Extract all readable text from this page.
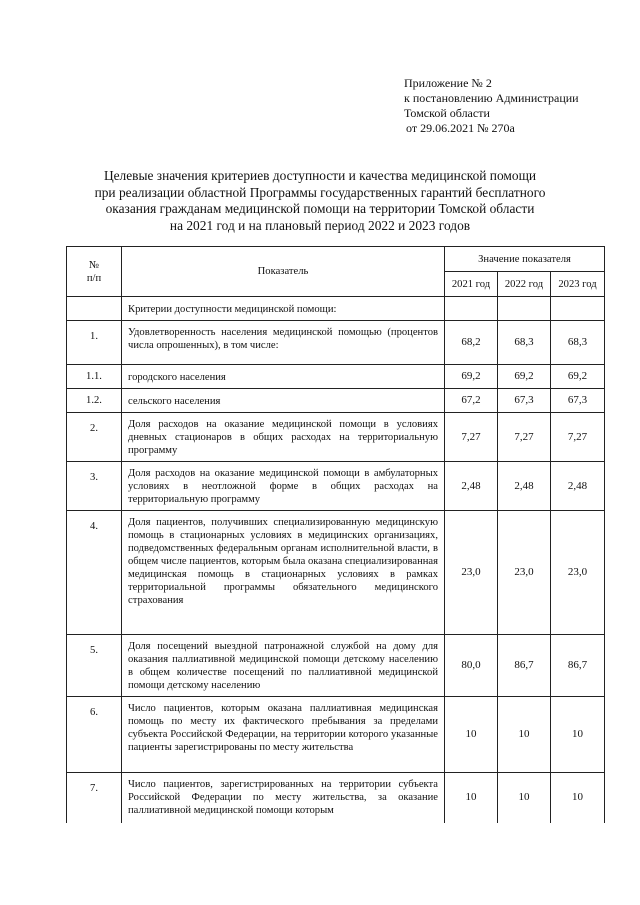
Приложение № 2
к постановлению Администрации
Томской области
от 29.06.2021 № 270а
Целевые значения критериев доступности и качества медицинской помощи
при реализации областной Программы государственных гарантий бесплатного
оказания гражданам медицинской помощи на территории Томской области
на 2021 год и на плановый период 2022 и 2023 годов
№
п/п	Показатель	Значение показателя		
		2021 год	2022 год	2023 год
	Критерии доступности медицинской помощи:			
1.	Удовлетворенность населения медицинской помощью (процентов числа опрошенных), в том числе:	68,2	68,3	68,3
1.1.	городского населения	69,2	69,2	69,2
1.2.	сельского населения	67,2	67,3	67,3
2.	Доля расходов на оказание медицинской помощи в условиях дневных стационаров в общих расходах на территориальную программу	7,27	7,27	7,27
3.	Доля расходов на оказание медицинской помощи в амбулаторных условиях в неотложной форме в общих расходах на территориальную программу	2,48	2,48	2,48
4.	Доля пациентов, получивших специализированную медицинскую помощь в стационарных условиях в медицинских организациях, подведомственных федеральным органам исполнительной власти, в общем числе пациентов, которым была оказана специализированная медицинская помощь в стационарных условиях в рамках территориальной программы обязательного медицинского страхования	23,0	23,0	23,0
5.	Доля посещений выездной патронажной службой на дому для оказания паллиативной медицинской помощи детскому населению в общем количестве посещений по паллиативной медицинской помощи детскому населению	80,0	86,7	86,7
6.	Число пациентов, которым оказана паллиативная медицинская помощь по месту их фактического пребывания за пределами субъекта Российской Федерации, на территории которого указанные пациенты зарегистрированы по месту жительства	10	10	10
7.	Число пациентов, зарегистрированных на территории субъекта Российской Федерации по месту жительства, за оказание паллиативной медицинской помощи которым	10	10	10
